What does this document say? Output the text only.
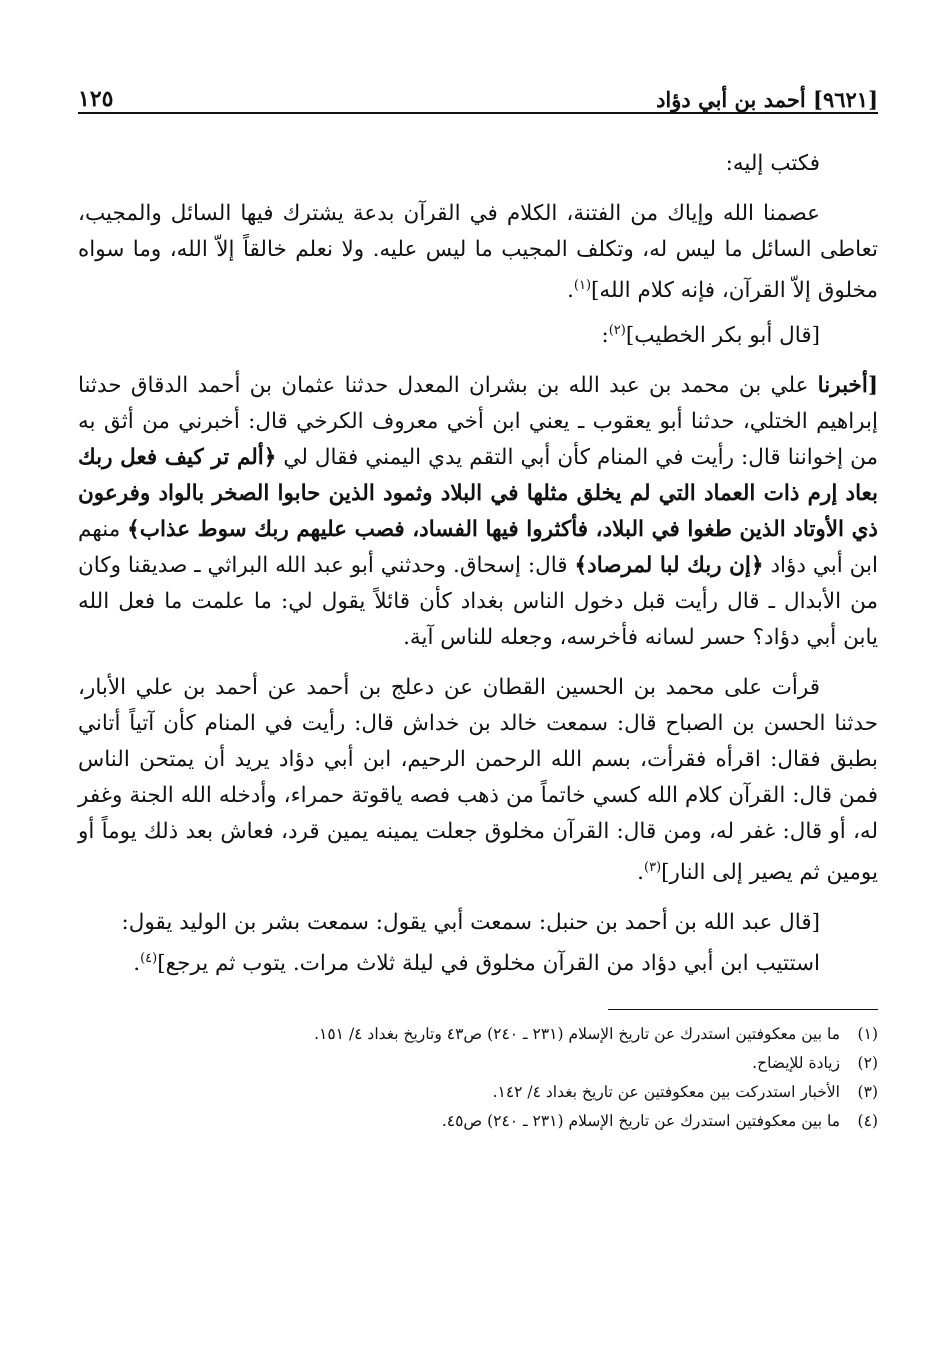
[٩٦٢١] أحمد بن أبي دؤاد
١٢٥

فكتب إليه:

عصمنا الله وإياك من الفتنة، الكلام في القرآن بدعة يشترك فيها السائل والمجيب، تعاطى السائل ما ليس له، وتكلف المجيب ما ليس عليه. ولا نعلم خالقاً إلاّ الله، وما سواه مخلوق إلاّ القرآن، فإنه كلام الله]$^{(١)}$.

[قال أبو بكر الخطيب]$^{(٢)}$:

[أخبرنا علي بن محمد بن عبد الله بن بشران المعدل حدثنا عثمان بن أحمد الدقاق حدثنا إبراهيم الختلي، حدثنا أبو يعقوب ـ يعني ابن أخي معروف الكرخي قال: أخبرني من أثق به من إخواننا قال: رأيت في المنام كأن أبي التقم يدي اليمني فقال لي ﴿ألم تر كيف فعل ربك بعاد إرم ذات العماد التي لم يخلق مثلها في البلاد وثمود الذين حابوا الصخر بالواد وفرعون ذي الأوتاد الذين طغوا في البلاد، فأكثروا فيها الفساد، فصب عليهم ربك سوط عذاب﴾ منهم ابن أبي دؤاد ﴿إن ربك لبا لمرصاد﴾ قال: إسحاق. وحدثني أبو عبد الله البراثي ـ صديقنا وكان من الأبدال ـ قال رأيت قبل دخول الناس بغداد كأن قائلاً يقول لي: ما علمت ما فعل الله يابن أبي دؤاد؟ حسر لسانه فأخرسه، وجعله للناس آية.

قرأت على محمد بن الحسين القطان عن دعلج بن أحمد عن أحمد بن علي الأبار، حدثنا الحسن بن الصباح قال: سمعت خالد بن خداش قال: رأيت في المنام كأن آتياً أتاني بطبق فقال: اقرأه فقرأت، بسم الله الرحمن الرحيم، ابن أبي دؤاد يريد أن يمتحن الناس فمن قال: القرآن كلام الله كسي خاتماً من ذهب فصه ياقوتة حمراء، وأدخله الله الجنة وغفر له، أو قال: غفر له، ومن قال: القرآن مخلوق جعلت يمينه يمين قرد، فعاش بعد ذلك يوماً أو يومين ثم يصير إلى النار]$^{(٣)}$.

[قال عبد الله بن أحمد بن حنبل: سمعت أبي يقول: سمعت بشر بن الوليد يقول:
استتيب ابن أبي دؤاد من القرآن مخلوق في ليلة ثلاث مرات. يتوب ثم يرجع]$^{(٤)}$.

(١)
ما بين معكوفتين استدرك عن تاريخ الإسلام (٢٣١ ـ ٢٤٠) ص٤٣ وتاريخ بغداد ٤/ ١٥١.
(٢)
زيادة للإيضاح.
(٣)
الأخبار استدركت بين معكوفتين عن تاريخ بغداد ٤/ ١٤٢.
(٤)
ما بين معكوفتين استدرك عن تاريخ الإسلام (٢٣١ ـ ٢٤٠) ص٤٥.
